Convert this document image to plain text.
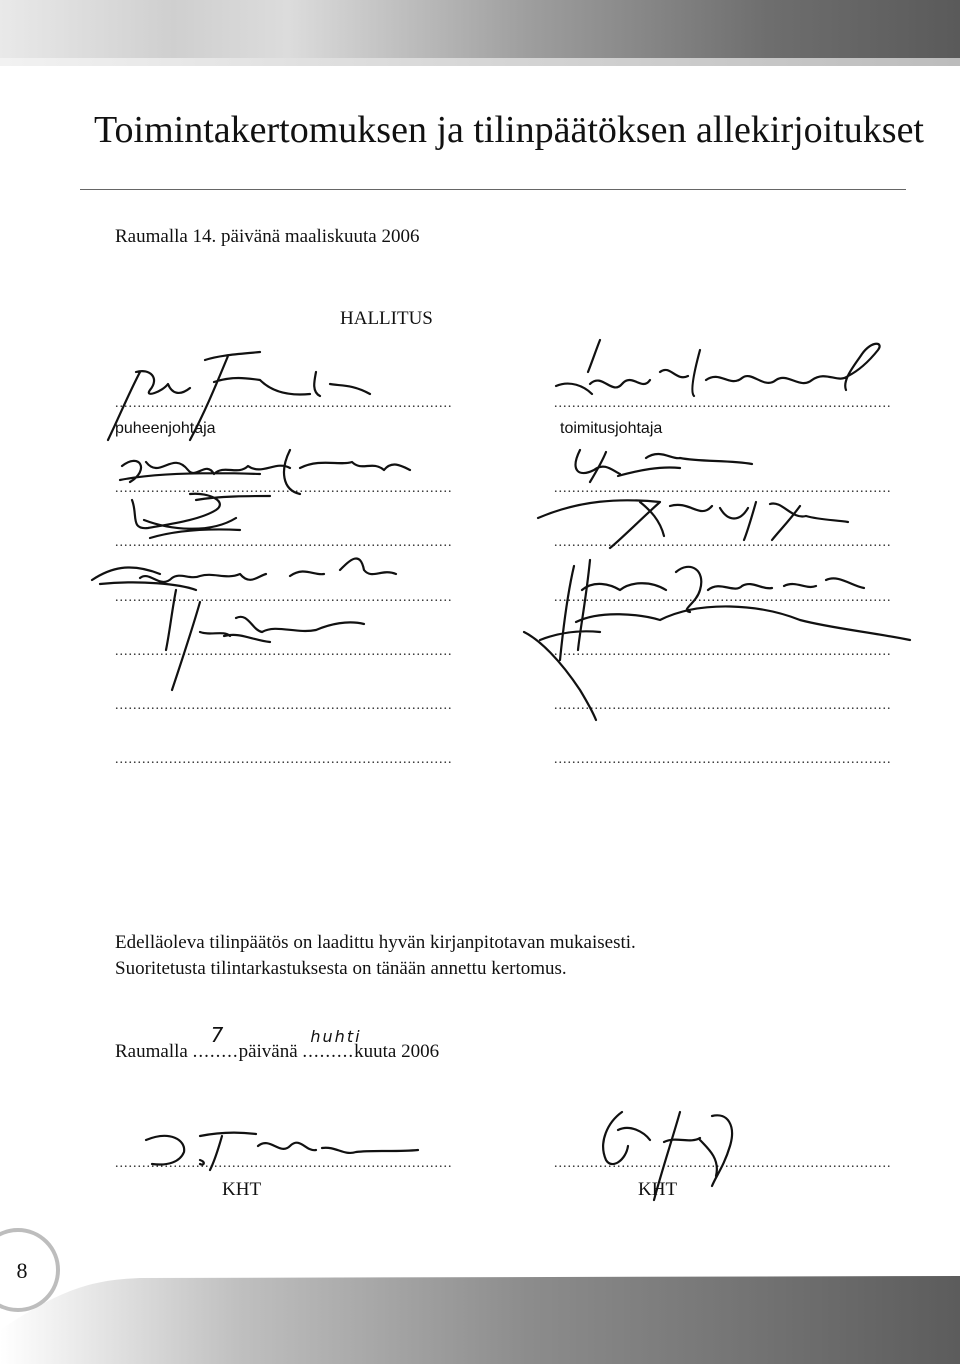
Toimintakertomuksen ja tilinpäätöksen allekirjoitukset
Raumalla 14. päivänä maaliskuuta 2006
HALLITUS
...........................................................................
...........................................................................
...........................................................................
...........................................................................
...........................................................................
...........................................................................
...........................................................................
...........................................................................
...........................................................................
...........................................................................
...........................................................................
...........................................................................
...........................................................................
...........................................................................
puheenjohtaja	toimitusjohtaja
Edelläoleva tilinpäätös on laadittu hyvän kirjanpitotavan mukaisesti.
Suoritetusta tilintarkastuksesta on tänään annettu kertomus.
Raumalla ........
7
päivänä .........
huhti
kuuta 2006
...........................................................................	...........................................................................
KHT	KHT
8
